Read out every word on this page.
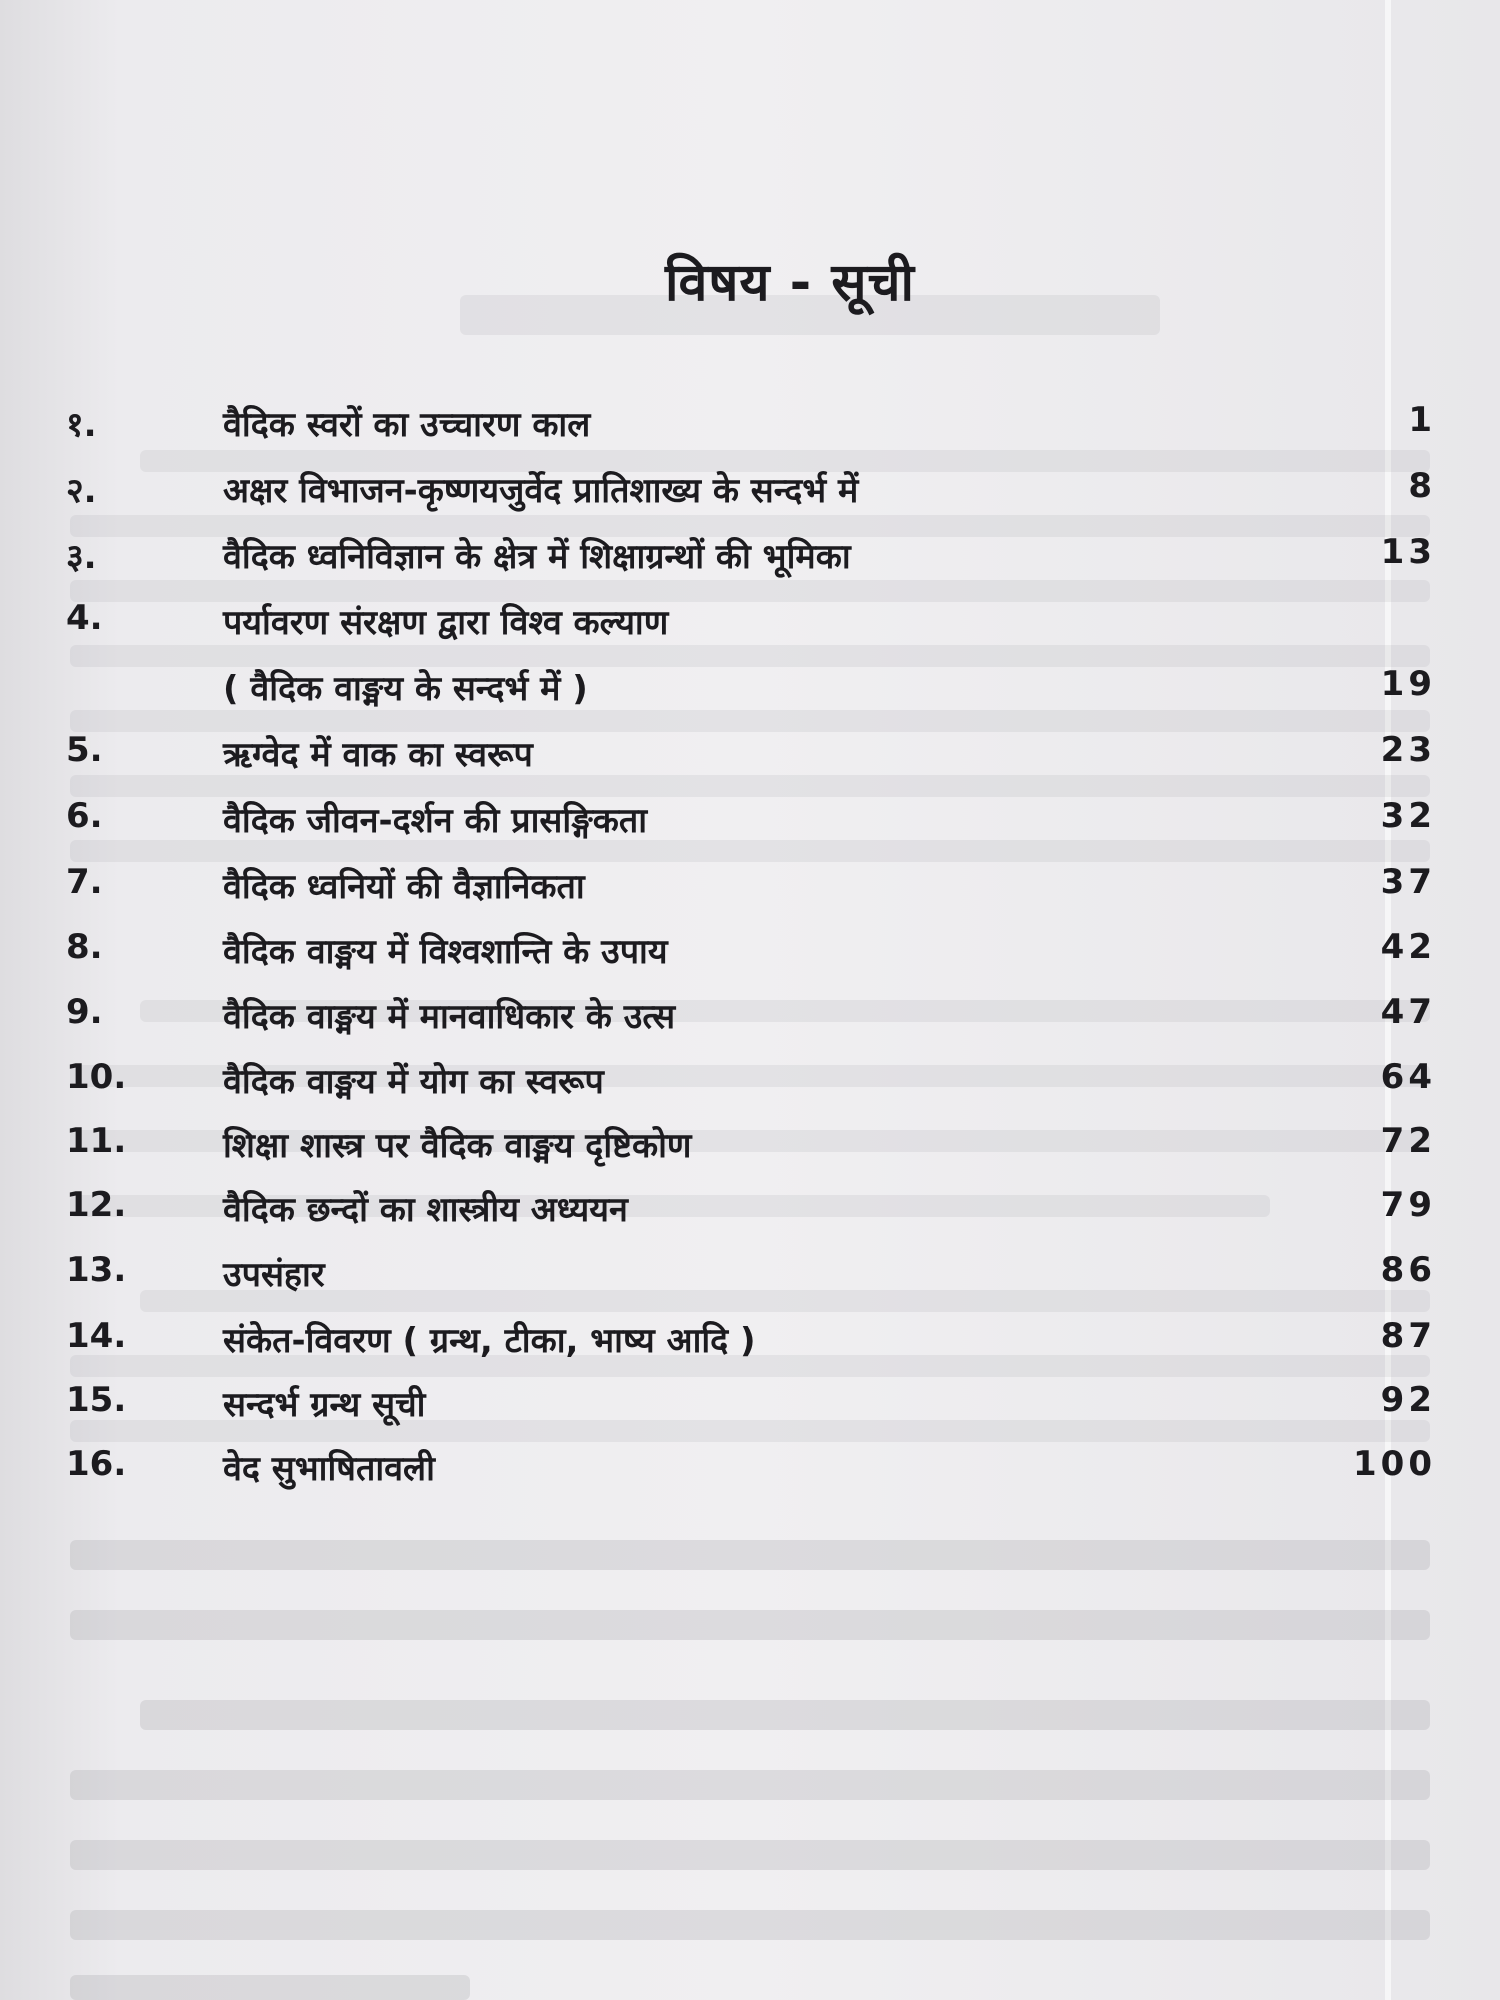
विषय - सूची
१.	वैदिक स्वरों का उच्चारण काल	1
२.	अक्षर विभाजन-कृष्णयजुर्वेद प्रातिशाख्य के सन्दर्भ में	8
३.	वैदिक ध्वनिविज्ञान के क्षेत्र में शिक्षाग्रन्थों की भूमिका	13
4.	पर्यावरण संरक्षण द्वारा विश्व कल्याण
( वैदिक वाङ्मय के सन्दर्भ में )	19
5.	ऋग्वेद में वाक का स्वरूप	23
6.	वैदिक जीवन-दर्शन की प्रासङ्गिकता	32
7.	वैदिक ध्वनियों की वैज्ञानिकता	37
8.	वैदिक वाङ्मय में विश्वशान्ति के उपाय	42
9.	वैदिक वाङ्मय में मानवाधिकार के उत्स	47
10.	वैदिक वाङ्मय में योग का स्वरूप	64
11.	शिक्षा शास्त्र पर वैदिक वाङ्मय दृष्टिकोण	72
12.	वैदिक छन्दों का शास्त्रीय अध्ययन	79
13.	उपसंहार	86
14.	संकेत-विवरण ( ग्रन्थ, टीका, भाष्य आदि )	87
15.	सन्दर्भ ग्रन्थ सूची	92
16.	वेद सुभाषितावली	100
